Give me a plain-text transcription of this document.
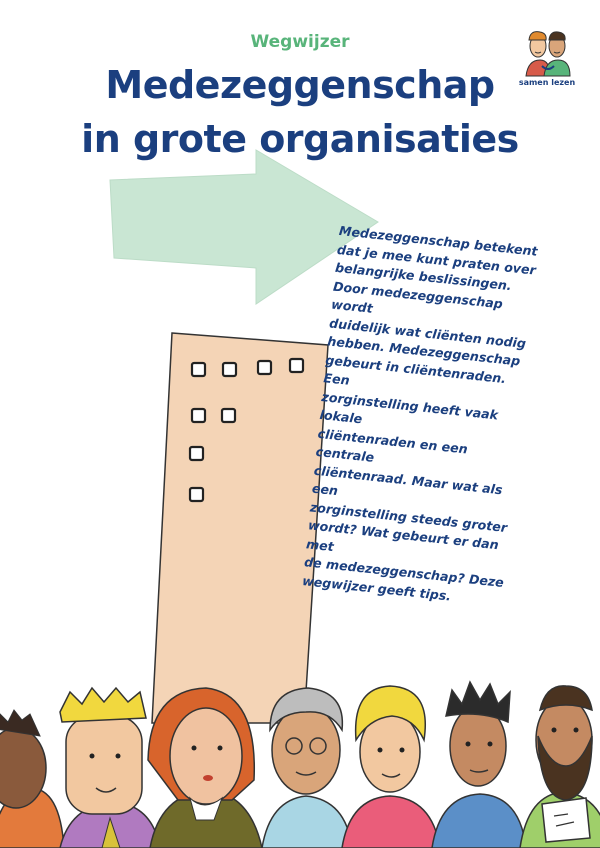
Wegwijzer
Medezeggenschap
in grote organisaties
samen lezen
Medezeggenschap betekent
dat je mee kunt praten over
belangrijke beslissingen.
Door medezeggenschap wordt
duidelijk wat cliënten nodig
hebben. Medezeggenschap
gebeurt in cliëntenraden. Een
zorginstelling heeft vaak lokale
cliëntenraden en een centrale
cliëntenraad. Maar wat als een
zorginstelling steeds groter
wordt? Wat gebeurt er dan met
de medezeggenschap? Deze
wegwijzer geeft tips.
